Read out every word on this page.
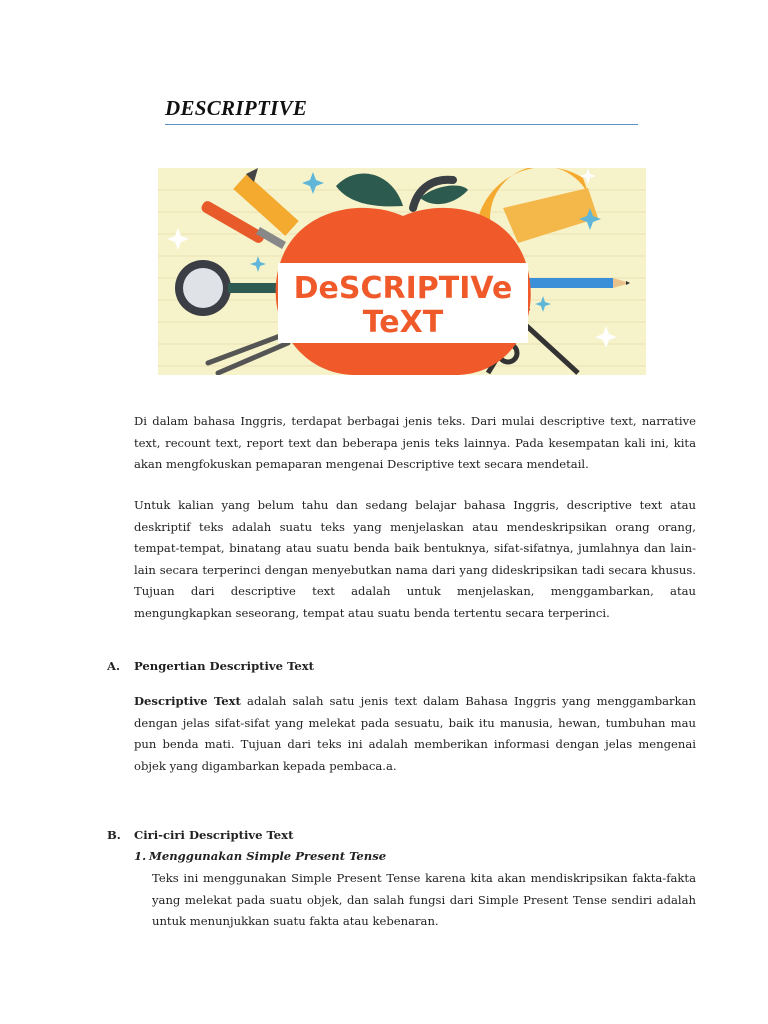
DESCRIPTIVE
DeSCRIPTIVe
TeXT

Di dalam bahasa Inggris, terdapat berbagai jenis teks. Dari mulai descriptive text, narrative text, recount text, report text dan beberapa jenis teks lainnya. Pada kesempatan kali ini, kita akan mengfokuskan pemaparan mengenai Descriptive text secara mendetail.

Untuk kalian yang belum tahu dan sedang belajar bahasa Inggris, descriptive text atau deskriptif teks adalah suatu teks yang menjelaskan atau mendeskripsikan orang orang, tempat-tempat, binatang atau suatu benda baik bentuknya, sifat-sifatnya, jumlahnya dan lain-lain secara terperinci dengan menyebutkan nama dari yang dideskripsikan tadi secara khusus. Tujuan dari descriptive text adalah untuk menjelaskan, menggambarkan, atau mengungkapkan seseorang, tempat atau suatu benda tertentu secara terperinci.

A. Pengertian Descriptive Text

Descriptive Text adalah salah satu jenis text dalam Bahasa Inggris yang menggambarkan dengan jelas sifat-sifat yang melekat pada sesuatu, baik itu manusia, hewan, tumbuhan mau pun benda mati. Tujuan dari teks ini adalah memberikan informasi dengan jelas mengenai objek yang digambarkan kepada pembaca.a.

B. Ciri-ciri Descriptive Text
1. Menggunakan Simple Present Tense

Teks ini menggunakan Simple Present Tense karena kita akan mendiskripsikan fakta-fakta yang melekat pada suatu objek, dan salah fungsi dari Simple Present Tense sendiri adalah untuk menunjukkan suatu fakta atau kebenaran.
